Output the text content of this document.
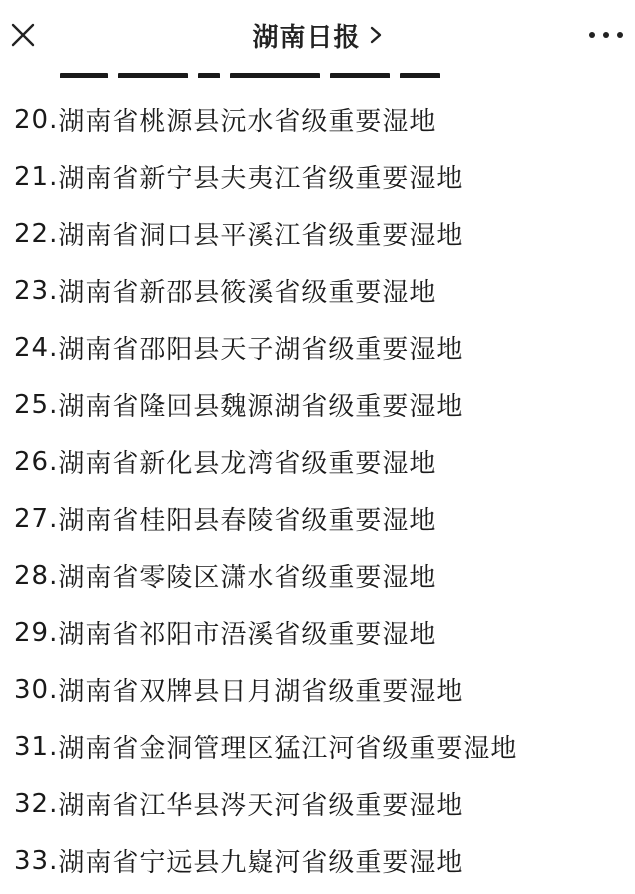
湖南日报
20. 湖南省桃源县沅水省级重要湿地
21. 湖南省新宁县夫夷江省级重要湿地
22. 湖南省洞口县平溪江省级重要湿地
23. 湖南省新邵县筱溪省级重要湿地
24. 湖南省邵阳县天子湖省级重要湿地
25. 湖南省隆回县魏源湖省级重要湿地
26. 湖南省新化县龙湾省级重要湿地
27. 湖南省桂阳县春陵省级重要湿地
28. 湖南省零陵区潇水省级重要湿地
29. 湖南省祁阳市浯溪省级重要湿地
30. 湖南省双牌县日月湖省级重要湿地
31. 湖南省金洞管理区猛江河省级重要湿地
32. 湖南省江华县涔天河省级重要湿地
33. 湖南省宁远县九嶷河省级重要湿地
